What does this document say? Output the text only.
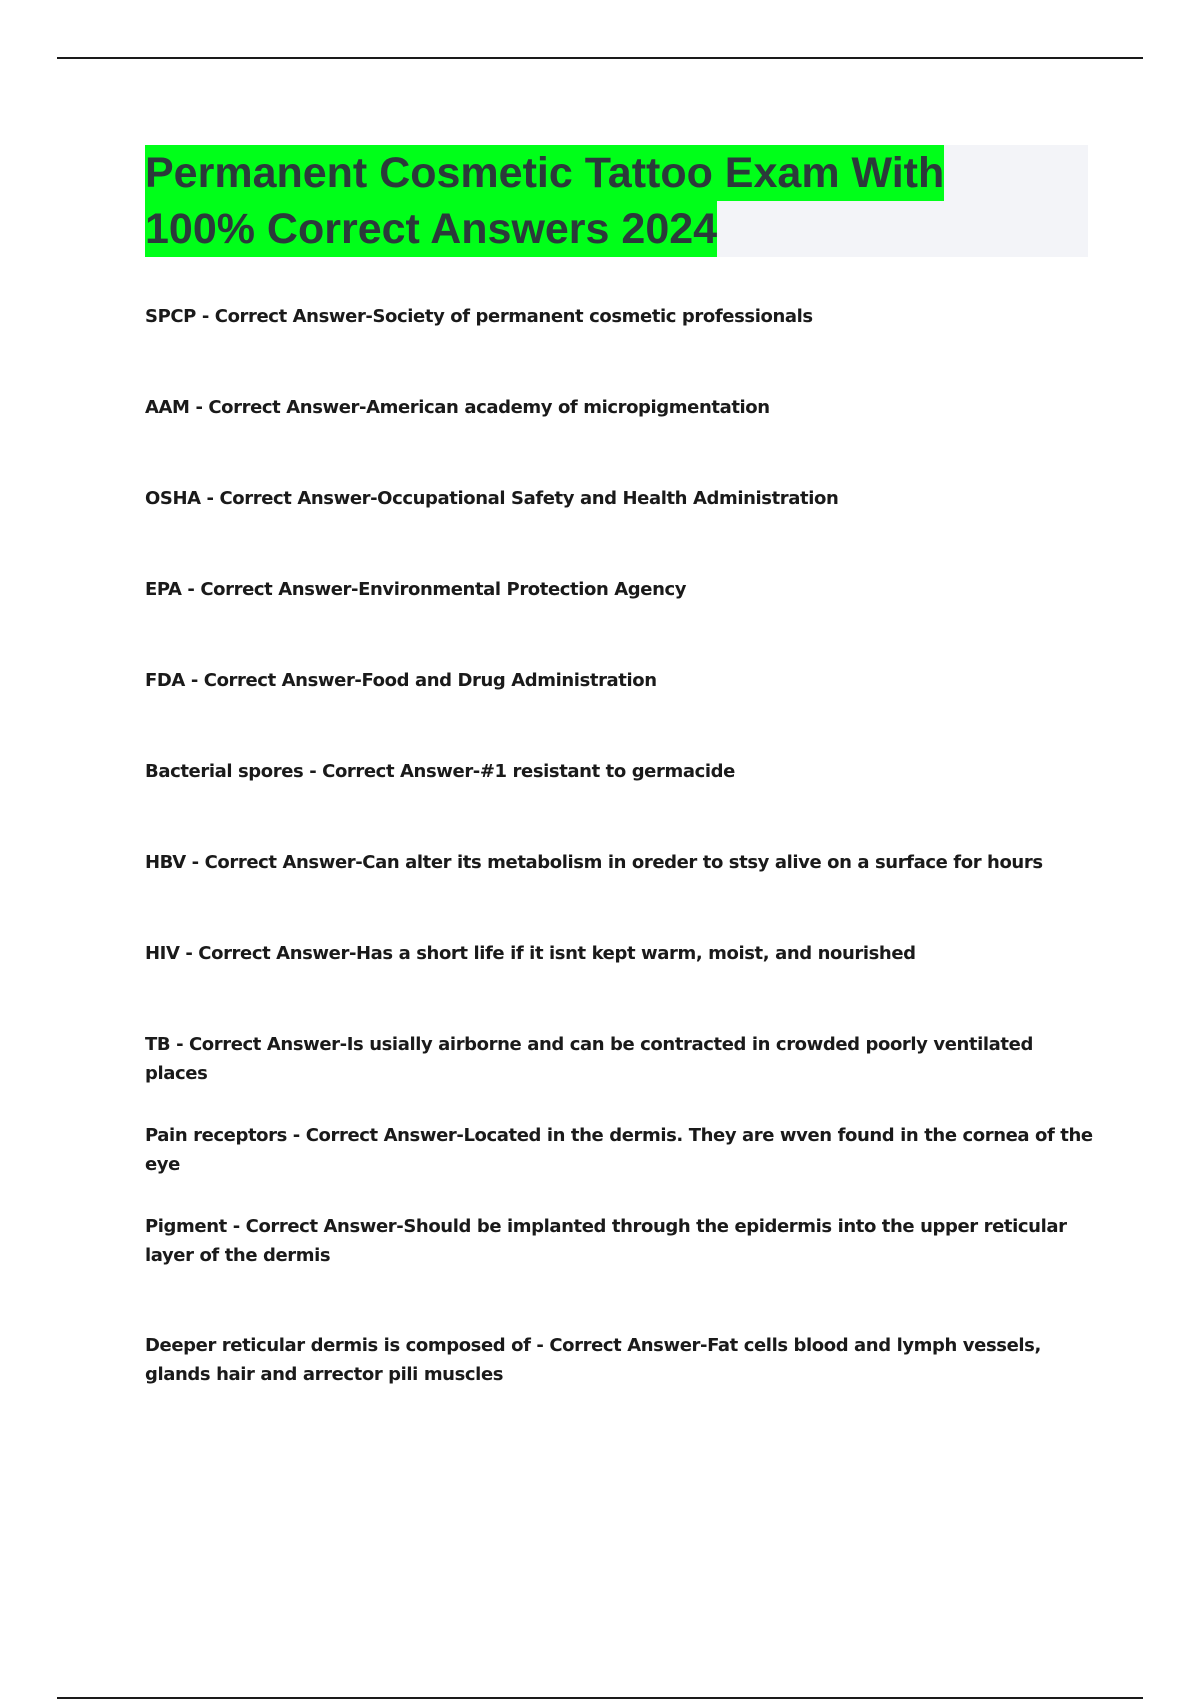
Permanent Cosmetic Tattoo Exam With
100% Correct Answers 2024
SPCP - Correct Answer-Society of permanent cosmetic professionals
AAM - Correct Answer-American academy of micropigmentation
OSHA - Correct Answer-Occupational Safety and Health Administration
EPA - Correct Answer-Environmental Protection Agency
FDA - Correct Answer-Food and Drug Administration
Bacterial spores - Correct Answer-#1 resistant to germacide
HBV - Correct Answer-Can alter its metabolism in oreder to stsy alive on a surface for hours
HIV - Correct Answer-Has a short life if it isnt kept warm, moist, and nourished
TB - Correct Answer-Is usially airborne and can be contracted in crowded poorly ventilated places
Pain receptors - Correct Answer-Located in the dermis. They are wven found in the cornea of the eye
Pigment - Correct Answer-Should be implanted through the epidermis into the upper reticular layer of the dermis
Deeper reticular dermis is composed of - Correct Answer-Fat cells blood and lymph vessels, glands hair and arrector pili muscles
